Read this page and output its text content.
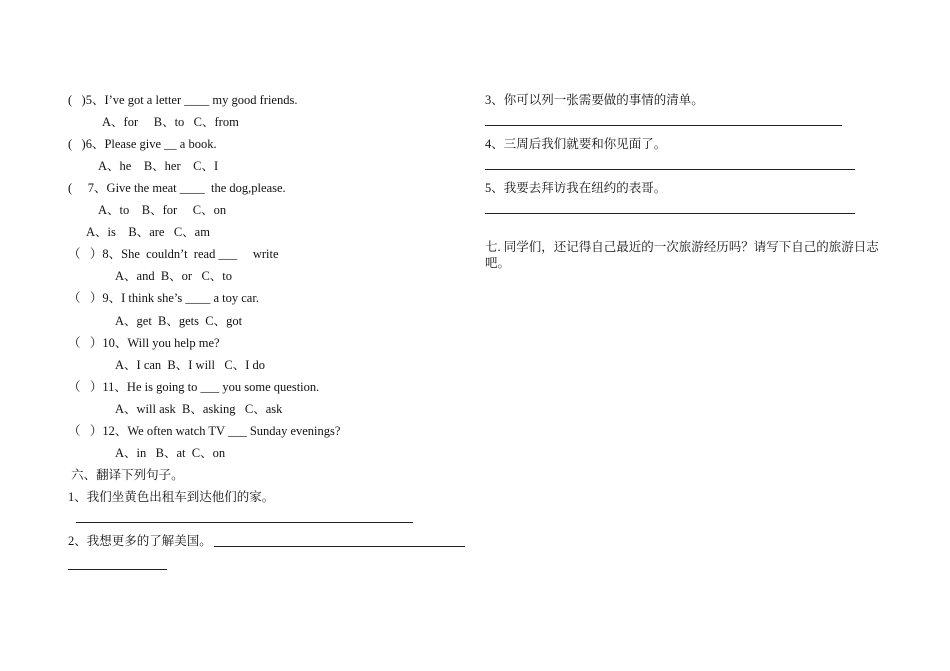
(   )5、I’ve got a letter ____ my good friends.
A、for     B、to   C、from
(   )6、Please give __ a book.
A、he    B、her    C、I
(     7、Give the meat ____  the dog,please.
A、to    B、for     C、on
A、is    B、are   C、am
（   ）8、She  couldn’t  read ___     write
A、and  B、or   C、to
（   ）9、I think she’s ____ a toy car.
A、get  B、gets  C、got
（   ）10、Will you help me?
A、I can  B、I will   C、I do
（   ）11、He is going to ___ you some question.
A、will ask  B、asking   C、ask
（   ）12、We often watch TV ___ Sunday evenings?
A、in   B、at  C、on
六、翻译下列句子。
1、我们坐黄色出租车到达他们的家。
2、我想更多的了解美国。
3、你可以列一张需要做的事情的清单。
4、三周后我们就要和你见面了。
5、我要去拜访我在纽约的表哥。
七. 同学们，还记得自己最近的一次旅游经历吗？请写下自己的旅游日志吧。
